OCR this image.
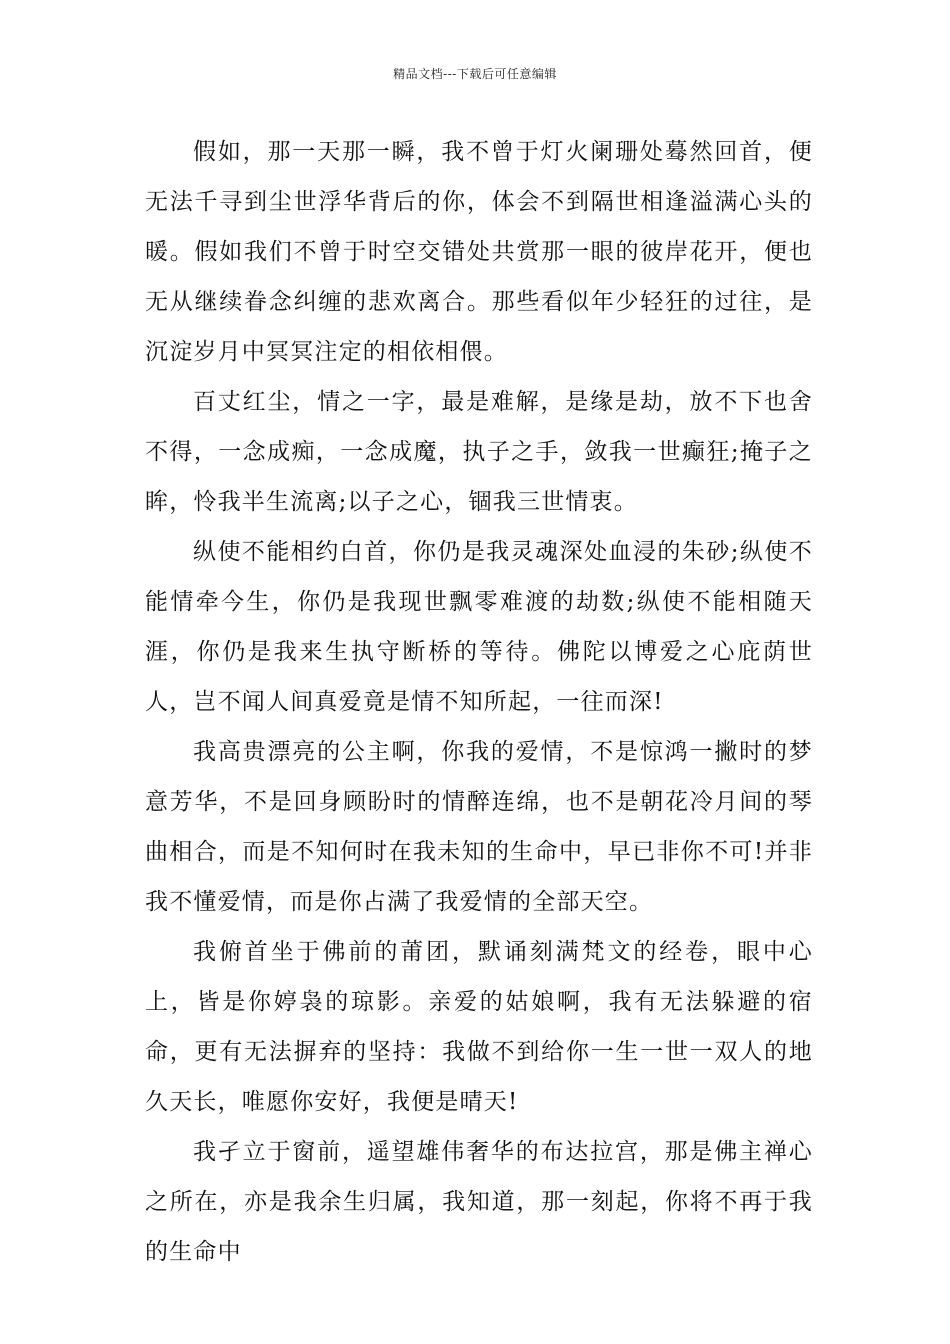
精品文档---下载后可任意编辑

假如，那一天那一瞬，我不曾于灯火阑珊处蓦然回首，便无法千寻到尘世浮华背后的你，体会不到隔世相逢溢满心头的暖。假如我们不曾于时空交错处共赏那一眼的彼岸花开，便也无从继续眷念纠缠的悲欢离合。那些看似年少轻狂的过往，是沉淀岁月中冥冥注定的相依相偎。

百丈红尘，情之一字，最是难解，是缘是劫，放不下也舍不得，一念成痴，一念成魔，执子之手，敛我一世癫狂;掩子之眸，怜我半生流离;以子之心，锢我三世情衷。

纵使不能相约白首，你仍是我灵魂深处血浸的朱砂;纵使不能情牵今生，你仍是我现世飘零难渡的劫数;纵使不能相随天涯，你仍是我来生执守断桥的等待。佛陀以博爱之心庇荫世人，岂不闻人间真爱竟是情不知所起，一往而深!

我高贵漂亮的公主啊，你我的爱情，不是惊鸿一撇时的梦意芳华，不是回身顾盼时的情醉连绵，也不是朝花冷月间的琴曲相合，而是不知何时在我未知的生命中，早已非你不可!并非我不懂爱情，而是你占满了我爱情的全部天空。

我俯首坐于佛前的莆团，默诵刻满梵文的经卷，眼中心上，皆是你婷袅的琼影。亲爱的姑娘啊，我有无法躲避的宿命，更有无法摒弃的坚持：我做不到给你一生一世一双人的地久天长，唯愿你安好，我便是晴天!

我孑立于窗前，遥望雄伟奢华的布达拉宫，那是佛主禅心之所在，亦是我余生归属，我知道，那一刻起，你将不再于我的生命中
